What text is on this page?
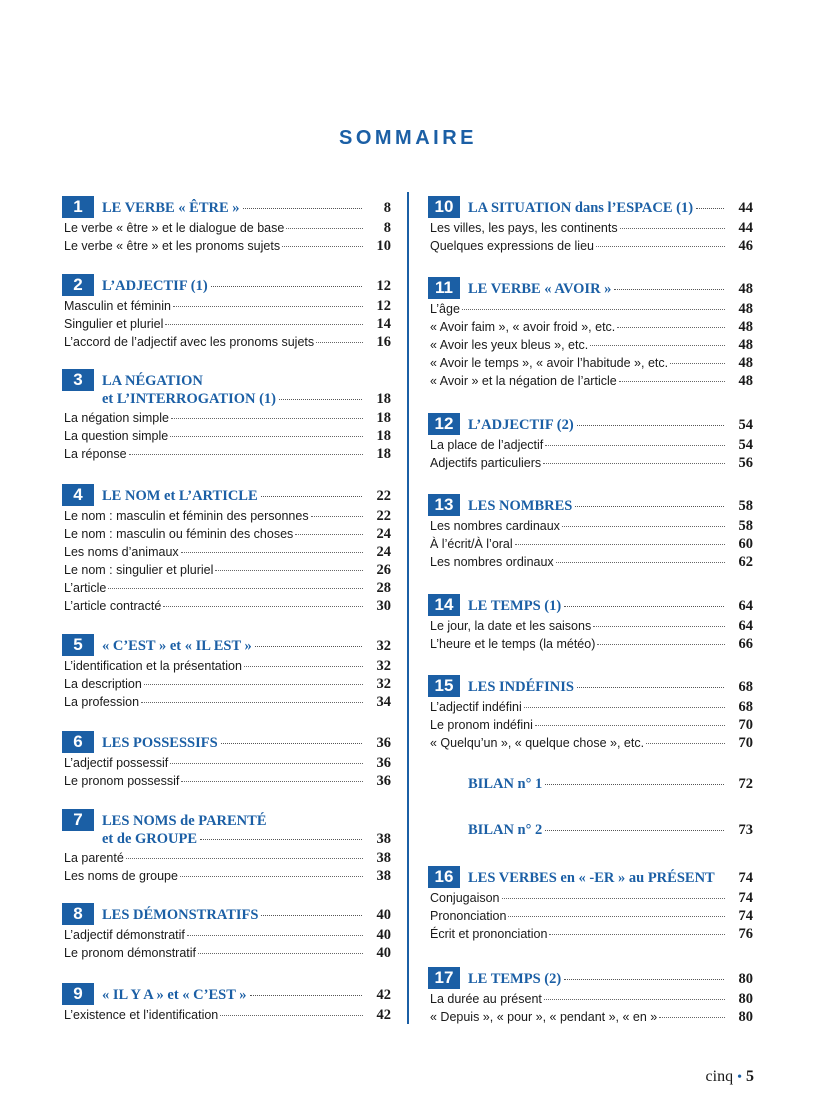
SOMMAIRE
1	LE VERBE « ÊTRE »	8
Le verbe « être » et le dialogue de base	8
Le verbe « être » et les pronoms sujets	10
2	L’ADJECTIF (1)	12
Masculin et féminin	12
Singulier et pluriel	14
L’accord de l’adjectif avec les pronoms sujets	16
3	LA NÉGATION
et L’INTERROGATION (1)	18
La négation simple	18
La question simple	18
La réponse	18
4	LE NOM et L’ARTICLE	22
Le nom : masculin et féminin des personnes	22
Le nom : masculin ou féminin des choses	24
Les noms d’animaux	24
Le nom : singulier et pluriel	26
L’article	28
L’article contracté	30
5	« C’EST » et « IL EST »	32
L’identification et la présentation	32
La description	32
La profession	34
6	LES POSSESSIFS	36
L’adjectif possessif	36
Le pronom possessif	36
7	LES NOMS de PARENTÉ
et de GROUPE	38
La parenté	38
Les noms de groupe	38
8	LES DÉMONSTRATIFS	40
L’adjectif démonstratif	40
Le pronom démonstratif	40
9	« IL Y A » et « C’EST »	42
L’existence et l’identification	42
10	LA SITUATION dans l’ESPACE (1)	44
Les villes, les pays, les continents	44
Quelques expressions de lieu	46
11	LE VERBE « AVOIR »	48
L’âge	48
« Avoir faim », « avoir froid », etc.	48
« Avoir les yeux bleus », etc.	48
« Avoir le temps », « avoir l’habitude », etc.	48
« Avoir » et la négation de l’article	48
12	L’ADJECTIF (2)	54
La place de l’adjectif	54
Adjectifs particuliers	56
13	LES NOMBRES	58
Les nombres cardinaux	58
À l’écrit/À l’oral	60
Les nombres ordinaux	62
14	LE TEMPS (1)	64
Le jour, la date et les saisons	64
L’heure et le temps (la météo)	66
15	LES INDÉFINIS	68
L’adjectif indéfini	68
Le pronom indéfini	70
« Quelqu’un », « quelque chose », etc.	70
BILAN n° 1	72
BILAN n° 2	73
16	LES VERBES en « -ER » au PRÉSENT	74
Conjugaison	74
Prononciation	74
Écrit et prononciation	76
17	LE TEMPS (2)	80
La durée au présent	80
« Depuis », « pour », « pendant », « en »	80
cinq • 5
